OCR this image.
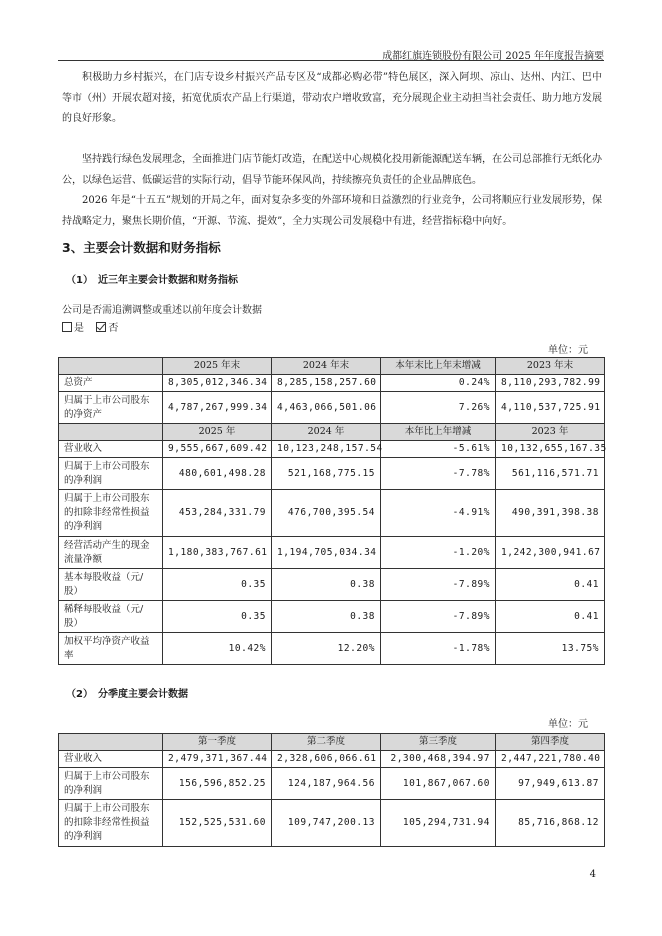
成都红旗连锁股份有限公司 2025 年年度报告摘要

积极助力乡村振兴，在门店专设乡村振兴产品专区及“成都必购必带”特色展区，深入阿坝、凉山、达州、内江、巴中等市（州）开展农超对接，拓宽优质农产品上行渠道，带动农户增收致富，充分展现企业主动担当社会责任、助力地方发展的良好形象。

坚持践行绿色发展理念，全面推进门店节能灯改造，在配送中心规模化投用新能源配送车辆，在公司总部推行无纸化办公，以绿色运营、低碳运营的实际行动，倡导节能环保风尚，持续擦亮负责任的企业品牌底色。

2026 年是“十五五”规划的开局之年，面对复杂多变的外部环境和日益激烈的行业竞争，公司将顺应行业发展形势，保持战略定力，聚焦长期价值，“开源、节流、提效”，全力实现公司发展稳中有进，经营指标稳中向好。

3、主要会计数据和财务指标
（1）　近三年主要会计数据和财务指标
公司是否需追溯调整或重述以前年度会计数据
是 否
单位：元
	2025 年末	2024 年末	本年末比上年末增减	2023 年末
总资产	8,305,012,346.34	8,285,158,257.60	0.24%	8,110,293,782.99
归属于上市公司股东的净资产	4,787,267,999.34	4,463,066,501.06	7.26%	4,110,537,725.91
	2025 年	2024 年	本年比上年增减	2023 年
营业收入	9,555,667,609.42	10,123,248,157.54	-5.61%	10,132,655,167.35
归属于上市公司股东的净利润	480,601,498.28	521,168,775.15	-7.78%	561,116,571.71
归属于上市公司股东的扣除非经常性损益的净利润	453,284,331.79	476,700,395.54	-4.91%	490,391,398.38
经营活动产生的现金流量净额	1,180,383,767.61	1,194,705,034.34	-1.20%	1,242,300,941.67
基本每股收益（元/股）	0.35	0.38	-7.89%	0.41
稀释每股收益（元/股）	0.35	0.38	-7.89%	0.41
加权平均净资产收益率	10.42%	12.20%	-1.78%	13.75%
（2）　分季度主要会计数据
单位：元
	第一季度	第二季度	第三季度	第四季度
营业收入	2,479,371,367.44	2,328,606,066.61	2,300,468,394.97	2,447,221,780.40
归属于上市公司股东的净利润	156,596,852.25	124,187,964.56	101,867,067.60	97,949,613.87
归属于上市公司股东的扣除非经常性损益的净利润	152,525,531.60	109,747,200.13	105,294,731.94	85,716,868.12
4
